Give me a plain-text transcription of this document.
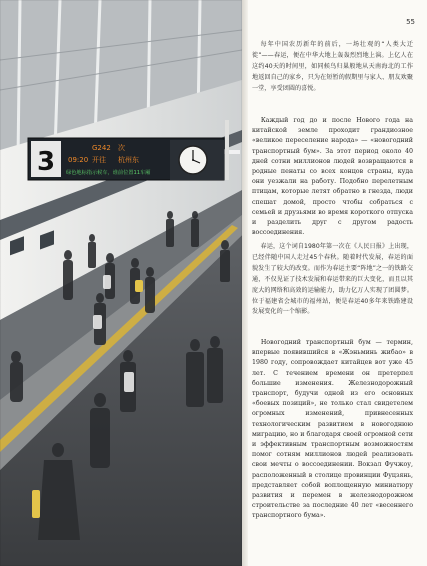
3	G242 次
09:20 开往 杭州东
绿色地标指示候车，谁前位置11车厢
55

每年中国农历新年的前后，一场壮观的“人类大迁徙”——春运，便在中华大地上轰轰烈烈地上演。上亿人在这约40天的时间里，如同候鸟归巢般地从天南海北的工作地返回自己的家乡，只为在短暂的假期里与家人、朋友欢聚一堂，享受团圆的喜悦。

Каждый год до и после Нового года на китайской земле проходит грандиозное «великое переселение народа» — «новогодний транспортный бум». За этот период около 40 дней сотни миллионов людей возвращаются в родные пенаты со всех концов страны, куда они уезжали на работу. Подобно перелетным птицам, которые летят обратно в гнезда, люди спешат домой, просто чтобы собраться с семьей и друзьями во время короткого отпуска и разделить друг с другом радость воссоединения.

春运，这个词自1980年第一次在《人民日报》上出现，已经伴随中国人走过45个春秋。随着时代发展，春运的面貌发生了较大的改变。而作为春运主要“阵地”之一的铁路交通，不仅见证了技术发展和春运带来的巨大变化，而且以其庞大的网络和高效的运输能力，助力亿万人实现了团圆梦。位于福建省会城市的福州站，便是春运40多年来铁路建设发展变化的一个缩影。

Новогодний транспортный бум — термин, впервые появившийся в «Жэньминь жибао» в 1980 году, сопровождает китайцев вот уже 45 лет. С течением времени он претерпел большие изменения. Железнодорожный транспорт, будучи одной из его основных «боевых позиций», не только стал свидетелем огромных изменений, привнесенных технологическим развитием в новогоднюю миграцию, но и благодаря своей огромной сети и эффективным транспортным возможностям помог сотням миллионов людей реализовать свои мечты о воссоединении. Вокзал Фучжоу, расположенный в столице провинции Фуцзянь, представляет собой воплощенную миниатюру развития и перемен в железнодорожном строительстве за последние 40 лет «весеннего транспортного бума».
